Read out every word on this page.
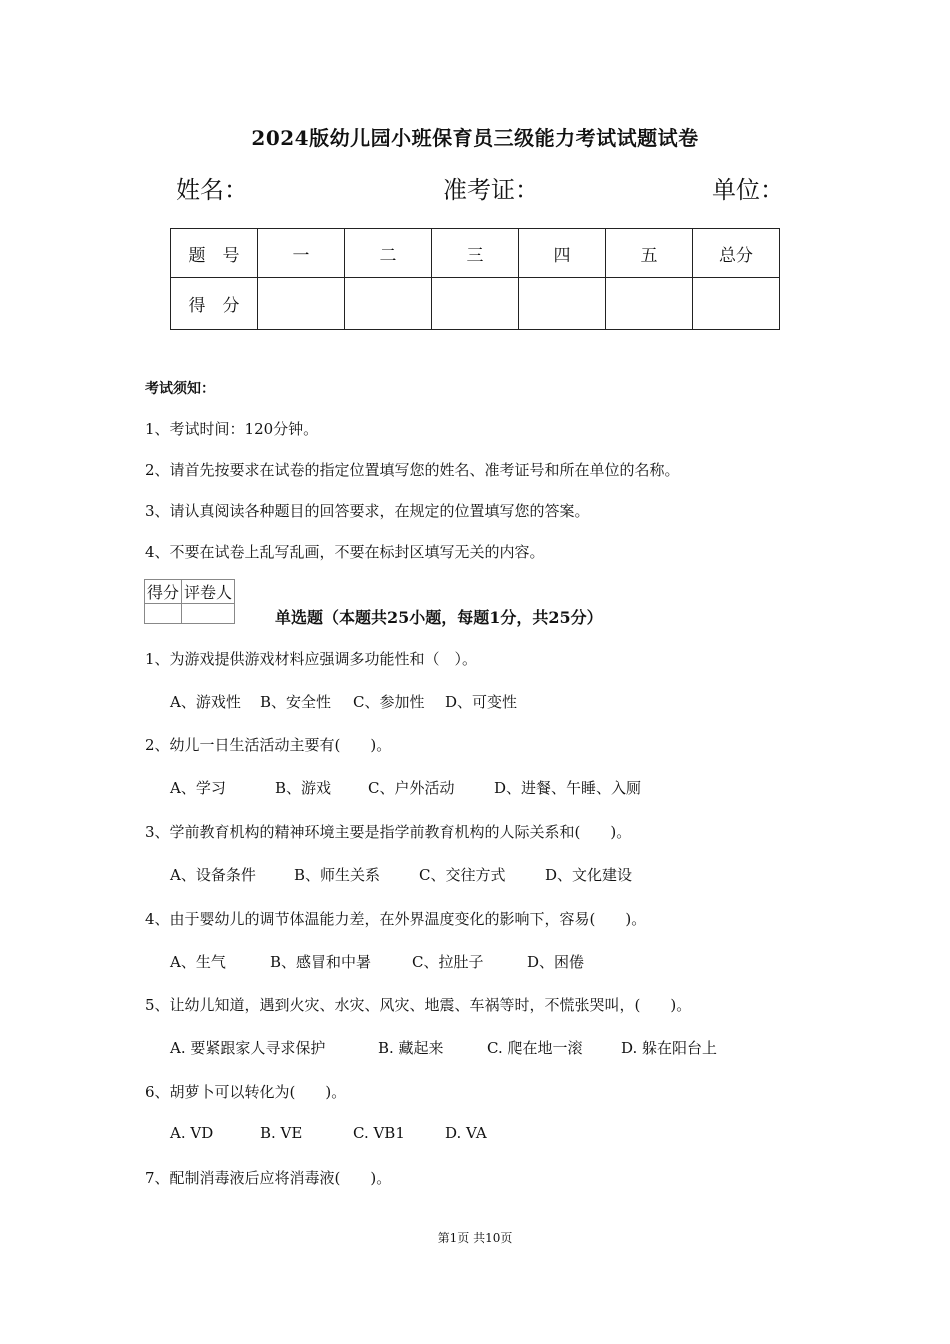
2024版幼儿园小班保育员三级能力考试试题试卷
姓名：	准考证：	单位：
题　号	一	二	三	四	五	总分
得　分						
考试须知：
1、考试时间：120分钟。
2、请首先按要求在试卷的指定位置填写您的姓名、准考证号和所在单位的名称。
3、请认真阅读各种题目的回答要求，在规定的位置填写您的答案。
4、不要在试卷上乱写乱画，不要在标封区填写无关的内容。
得分	评卷人

单选题（本题共25小题，每题1分，共25分）
1、为游戏提供游戏材料应强调多功能性和（　）。
A、游戏性 B、安全性 C、参加性 D、可变性
2、幼儿一日生活活动主要有(　　)。
A、学习	B、游戏 C、户外活动	D、进餐、午睡、入厕
3、学前教育机构的精神环境主要是指学前教育机构的人际关系和(　　)。
A、设备条件	B、师生关系	C、交往方式	D、文化建设
4、由于婴幼儿的调节体温能力差，在外界温度变化的影响下，容易(　　)。
A、生气	B、感冒和中暑	C、拉肚子	D、困倦
5、让幼儿知道，遇到火灾、水灾、风灾、地震、车祸等时，不慌张哭叫，(　　)。
A. 要紧跟家人寻求保护	B. 藏起来	C. 爬在地一滚	D. 躲在阳台上
6、胡萝卜可以转化为(　　)。
A. VD	B. VE	C. VB1	D. VA
7、配制消毒液后应将消毒液(　　)。
第1页 共10页
